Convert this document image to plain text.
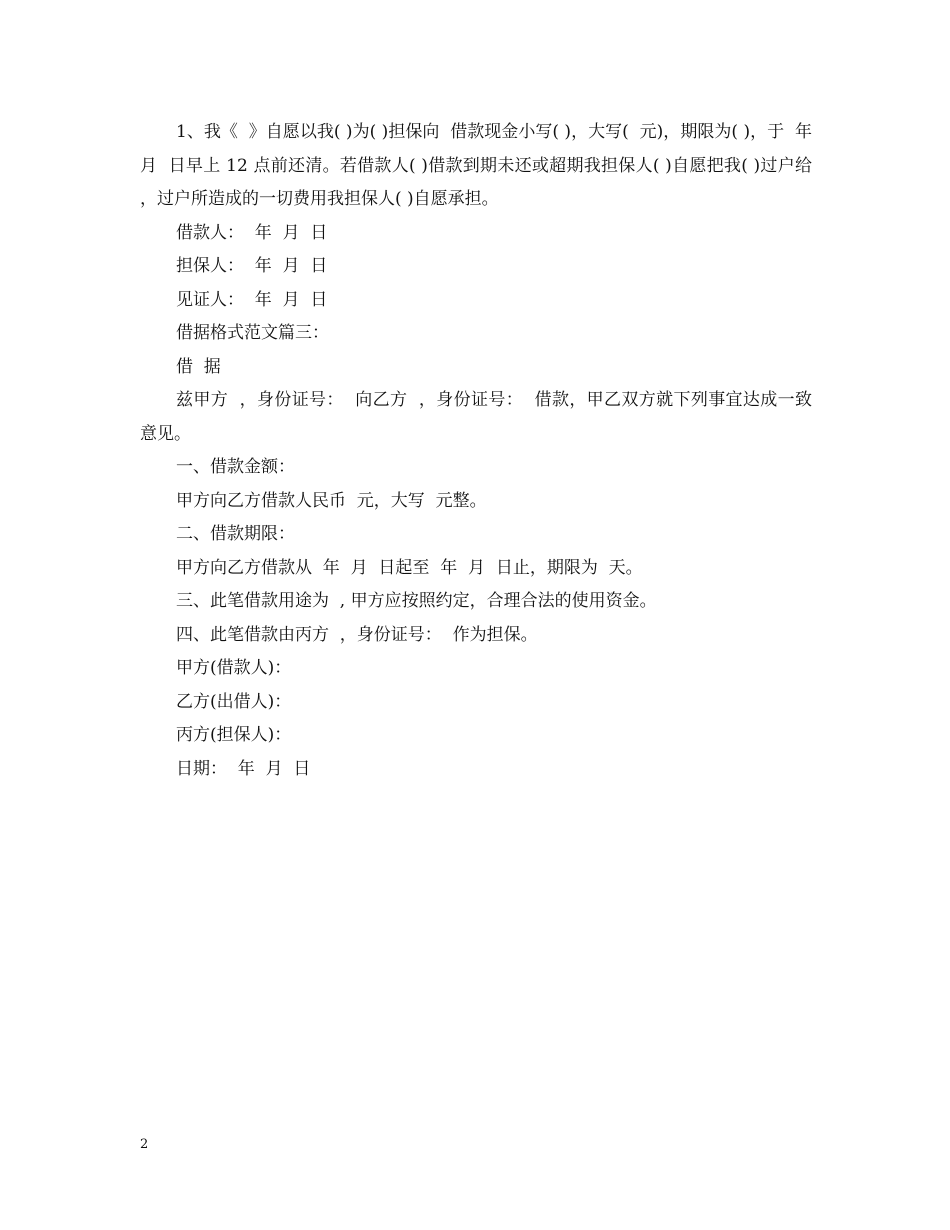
1、我《  》自愿以我( )为( )担保向  借款现金小写( )，大写(  元)，期限为( )，于  年  月  日早上 12 点前还清。若借款人( )借款到期未还或超期我担保人( )自愿把我( )过户给  ，过户所造成的一切费用我担保人( )自愿承担。

借款人：  年  月  日

担保人：  年  月  日

见证人：  年  月  日

借据格式范文篇三：

借  据

兹甲方  ，身份证号：  向乙方  ，身份证号：  借款，甲乙双方就下列事宜达成一致意见。

一、借款金额：

甲方向乙方借款人民币  元，大写  元整。

二、借款期限：

甲方向乙方借款从  年  月  日起至  年  月  日止，期限为  天。

三、此笔借款用途为  , 甲方应按照约定，合理合法的使用资金。

四、此笔借款由丙方  ，身份证号：  作为担保。

甲方(借款人)：

乙方(出借人)：

丙方(担保人)：

日期：  年  月  日

2
